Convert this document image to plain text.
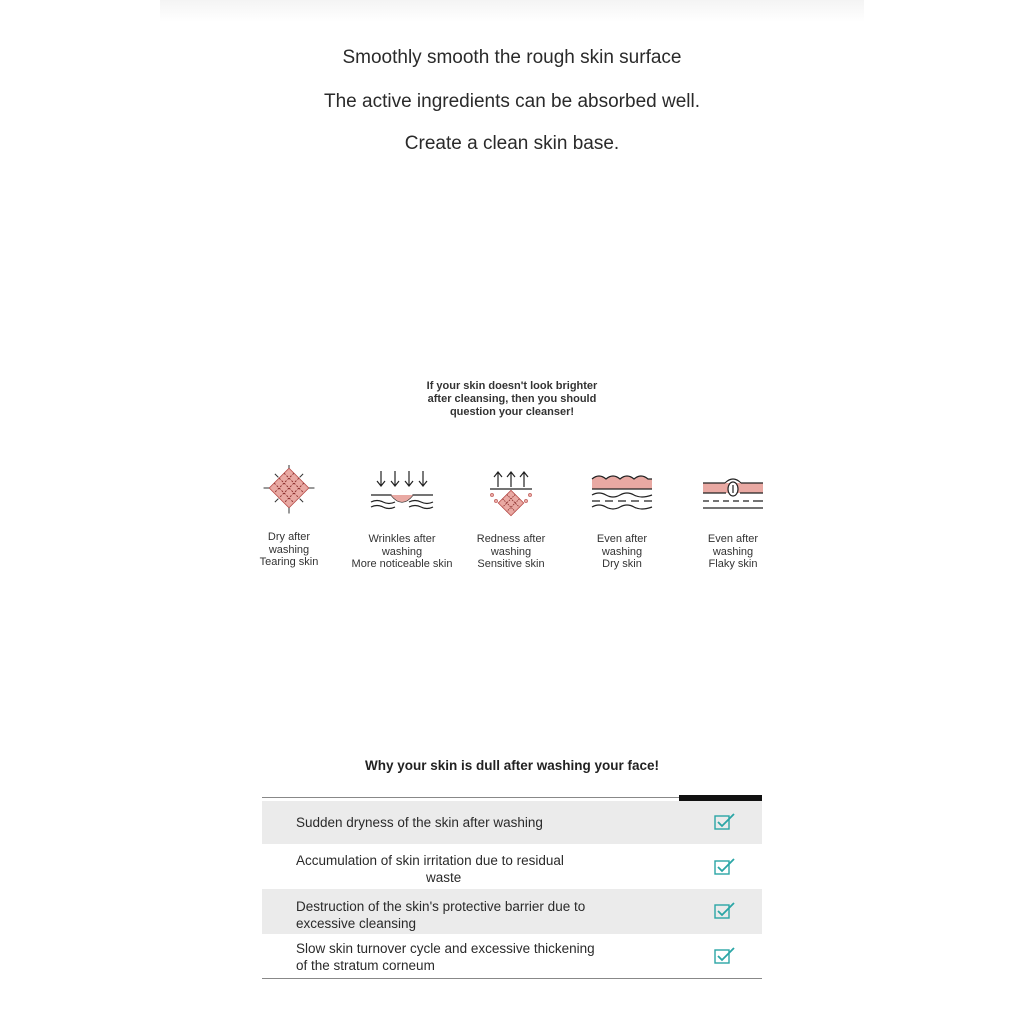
Smoothly smooth the rough skin surface
The active ingredients can be absorbed well.
Create a clean skin base.
If your skin doesn't look brighter
after cleansing, then you should
question your cleanser!
Dry after
washing
Tearing skin
Wrinkles after
washing
More noticeable skin
Redness after
washing
Sensitive skin
Even after
washing
Dry skin
Even after
washing
Flaky skin
Why your skin is dull after washing your face!
Sudden dryness of the skin after washing
Accumulation of skin irritation due to residual
waste
Destruction of the skin's protective barrier due to
excessive cleansing
Slow skin turnover cycle and excessive thickening
of the stratum corneum
